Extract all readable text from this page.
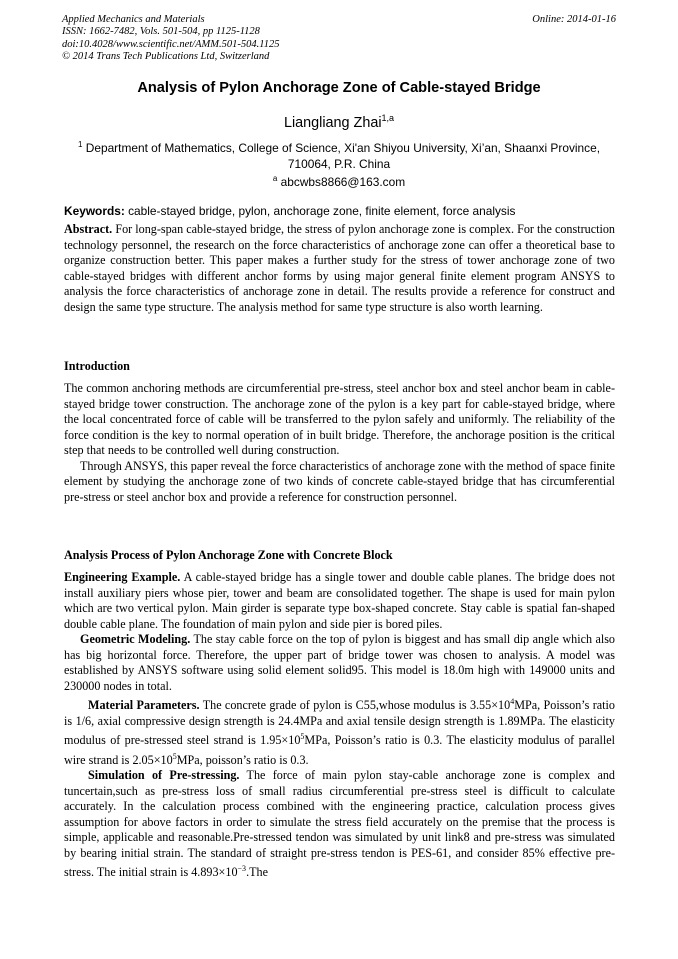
Applied Mechanics and Materials
ISSN: 1662-7482, Vols. 501-504, pp 1125-1128
doi:10.4028/www.scientific.net/AMM.501-504.1125
© 2014 Trans Tech Publications Ltd, Switzerland
Online: 2014-01-16
Analysis of Pylon Anchorage Zone of Cable-stayed Bridge
Liangliang Zhai$^{1,a}$
$^1$ Department of Mathematics, College of Science, Xi'an Shiyou University, Xi’an, Shaanxi Province, 710064, P.R. China
$^a$ abcwbs8866@163.com
Keywords: cable-stayed bridge, pylon, anchorage zone, finite element, force analysis

Abstract. For long-span cable-stayed bridge, the stress of pylon anchorage zone is complex. For the construction technology personnel, the research on the force characteristics of anchorage zone can offer a theoretical base to organize construction better. This paper makes a further study for the stress of tower anchorage zone of two cable-stayed bridges with different anchor forms by using major general finite element program ANSYS to analysis the force characteristics of anchorage zone in detail. The results provide a reference for construct and design the same type structure. The analysis method for same type structure is also worth learning.

Introduction

The common anchoring methods are circumferential pre-stress, steel anchor box and steel anchor beam in cable-stayed bridge tower construction. The anchorage zone of the pylon is a key part for cable-stayed bridge, where the local concentrated force of cable will be transferred to the pylon safely and uniformly. The reliability of the force condition is the key to normal operation of in built bridge. Therefore, the anchorage position is the critical step that needs to be controlled well during construction.

Through ANSYS, this paper reveal the force characteristics of anchorage zone with the method of space finite element by studying the anchorage zone of two kinds of concrete cable-stayed bridge that has circumferential pre-stress or steel anchor box and provide a reference for construction personnel.

Analysis Process of Pylon Anchorage Zone with Concrete Block

Engineering Example. A cable-stayed bridge has a single tower and double cable planes. The bridge does not install auxiliary piers whose pier, tower and beam are consolidated together. The shape is used for main pylon which are two vertical pylon. Main girder is separate type box-shaped concrete. Stay cable is spatial fan-shaped double cable plane. The foundation of main pylon and side pier is bored piles.

Geometric Modeling. The stay cable force on the top of pylon is biggest and has small dip angle which also has big horizontal force. Therefore, the upper part of bridge tower was chosen to analysis. A model was established by ANSYS software using solid element solid95. This model is 18.0m high with 149000 units and 230000 nodes in total.

Material Parameters. The concrete grade of pylon is C55,whose modulus is $3.55\times 10^4MPa$, Poisson’s ratio is 1/6, axial compressive design strength is 24.4MPa and axial tensile design strength is 1.89MPa. The elasticity modulus of pre-stressed steel strand is $1.95\times 10^5MPa$, Poisson’s ratio is 0.3. The elasticity modulus of parallel wire strand is $2.05\times 10^5MPa$, poisson’s ratio is 0.3.

Simulation of Pre-stressing. The force of main pylon stay-cable anchorage zone is complex and tuncertain,such as pre-stress loss of small radius circumferential pre-stress steel is difficult to calculate accurately. In the calculation process combined with the engineering practice, calculation process gives assumption for above factors in order to simulate the stress field accurately on the premise that the process is simple, applicable and reasonable.Pre-stressed tendon was simulated by unit link8 and pre-stress was simulated by bearing initial strain. The standard of straight pre-stress tendon is PES-61, and consider 85% effective pre-stress. The initial strain is $4.893\times 10^{-3}.The$
